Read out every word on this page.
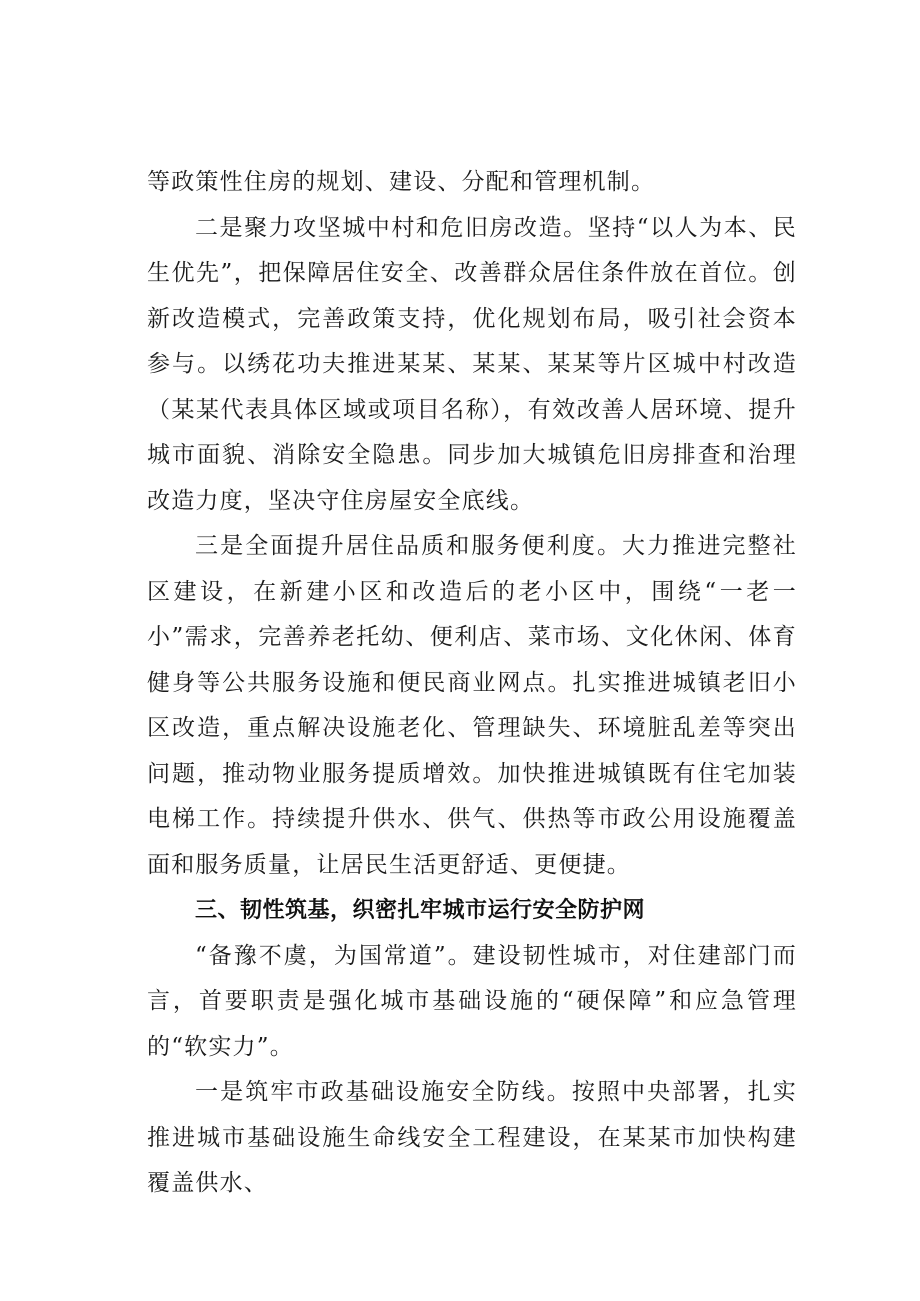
等政策性住房的规划、建设、分配和管理机制。

二是聚力攻坚城中村和危旧房改造。坚持“以人为本、民生优先”，把保障居住安全、改善群众居住条件放在首位。创新改造模式，完善政策支持，优化规划布局，吸引社会资本参与。以绣花功夫推进某某、某某、某某等片区城中村改造（某某代表具体区域或项目名称），有效改善人居环境、提升城市面貌、消除安全隐患。同步加大城镇危旧房排查和治理改造力度，坚决守住房屋安全底线。

三是全面提升居住品质和服务便利度。大力推进完整社区建设，在新建小区和改造后的老小区中，围绕“一老一小”需求，完善养老托幼、便利店、菜市场、文化休闲、体育健身等公共服务设施和便民商业网点。扎实推进城镇老旧小区改造，重点解决设施老化、管理缺失、环境脏乱差等突出问题，推动物业服务提质增效。加快推进城镇既有住宅加装电梯工作。持续提升供水、供气、供热等市政公用设施覆盖面和服务质量，让居民生活更舒适、更便捷。

三、韧性筑基，织密扎牢城市运行安全防护网

“备豫不虞，为国常道”。建设韧性城市，对住建部门而言，首要职责是强化城市基础设施的“硬保障”和应急管理的“软实力”。

一是筑牢市政基础设施安全防线。按照中央部署，扎实推进城市基础设施生命线安全工程建设，在某某市加快构建覆盖供水、
